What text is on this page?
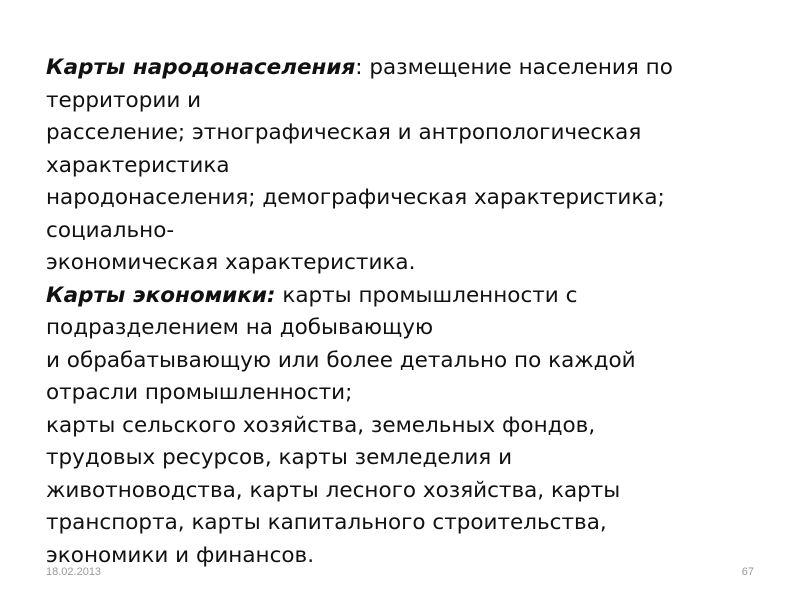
Карты народонаселения: размещение населения по
территории и
расселение; этнографическая и антропологическая
характеристика
народонаселения; демографическая характеристика;
социально-
экономическая характеристика.
Карты экономики: карты промышленности с
подразделением на добывающую
и обрабатывающую или более детально по каждой
отрасли промышленности;
карты сельского хозяйства, земельных фондов,
трудовых ресурсов, карты земледелия и
животноводства, карты лесного хозяйства, карты
транспорта, карты капитального строительства,
экономики и финансов.
18.02.2013	67
